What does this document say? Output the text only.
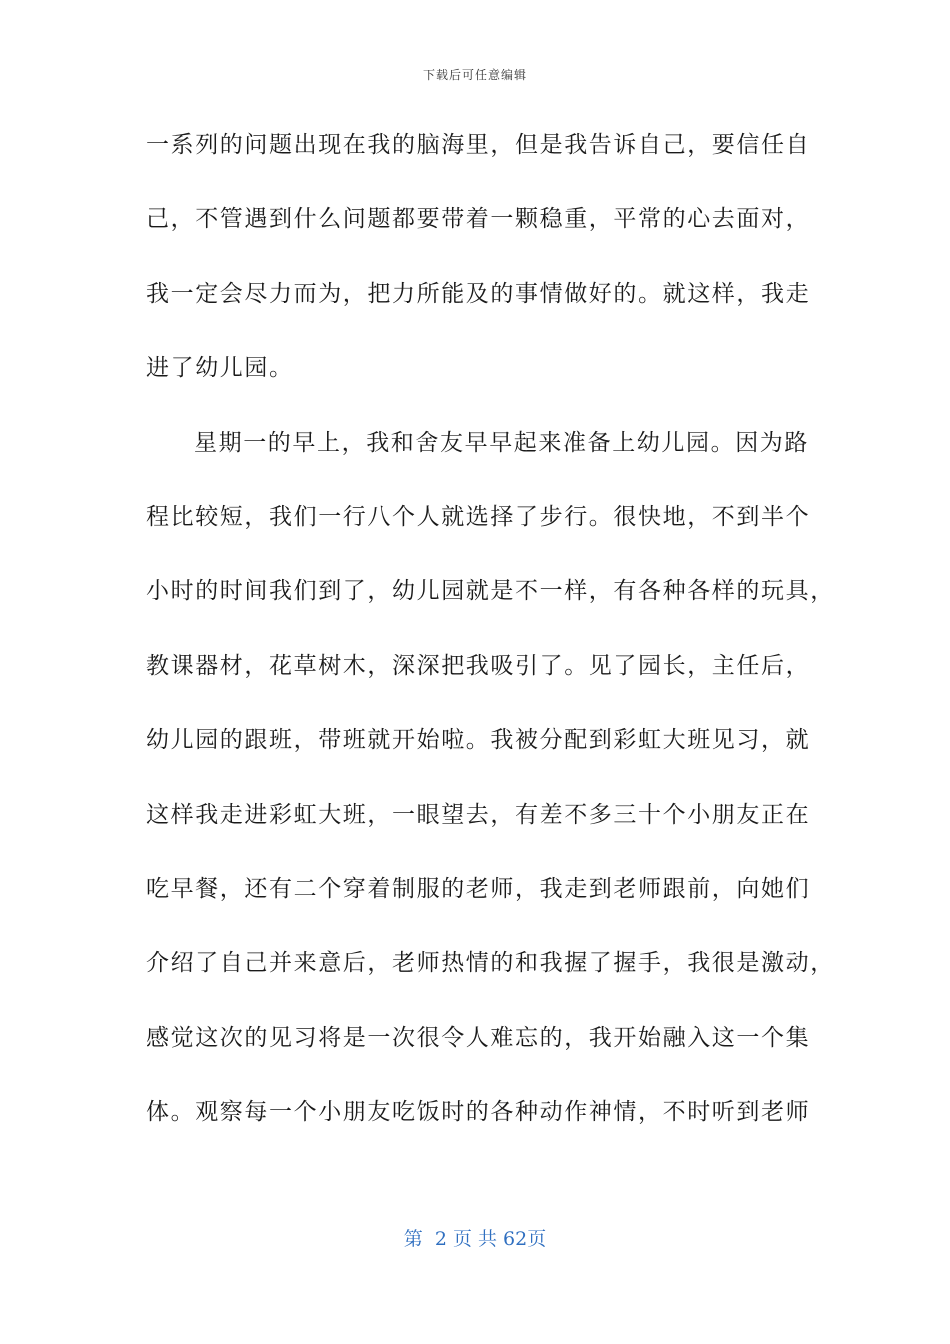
下载后可任意编辑
一系列的问题出现在我的脑海里，但是我告诉自己，要信任自
己，不管遇到什么问题都要带着一颗稳重，平常的心去面对，
我一定会尽力而为，把力所能及的事情做好的。就这样，我走
进了幼儿园。
星期一的早上，我和舍友早早起来准备上幼儿园。因为路
程比较短，我们一行八个人就选择了步行。很快地，不到半个
小时的时间我们到了，幼儿园就是不一样，有各种各样的玩具，
教课器材，花草树木，深深把我吸引了。见了园长，主任后，
幼儿园的跟班，带班就开始啦。我被分配到彩虹大班见习，就
这样我走进彩虹大班，一眼望去，有差不多三十个小朋友正在
吃早餐，还有二个穿着制服的老师，我走到老师跟前，向她们
介绍了自己并来意后，老师热情的和我握了握手，我很是激动，
感觉这次的见习将是一次很令人难忘的，我开始融入这一个集
体。观察每一个小朋友吃饭时的各种动作神情，不时听到老师
第  2 页 共 62页
